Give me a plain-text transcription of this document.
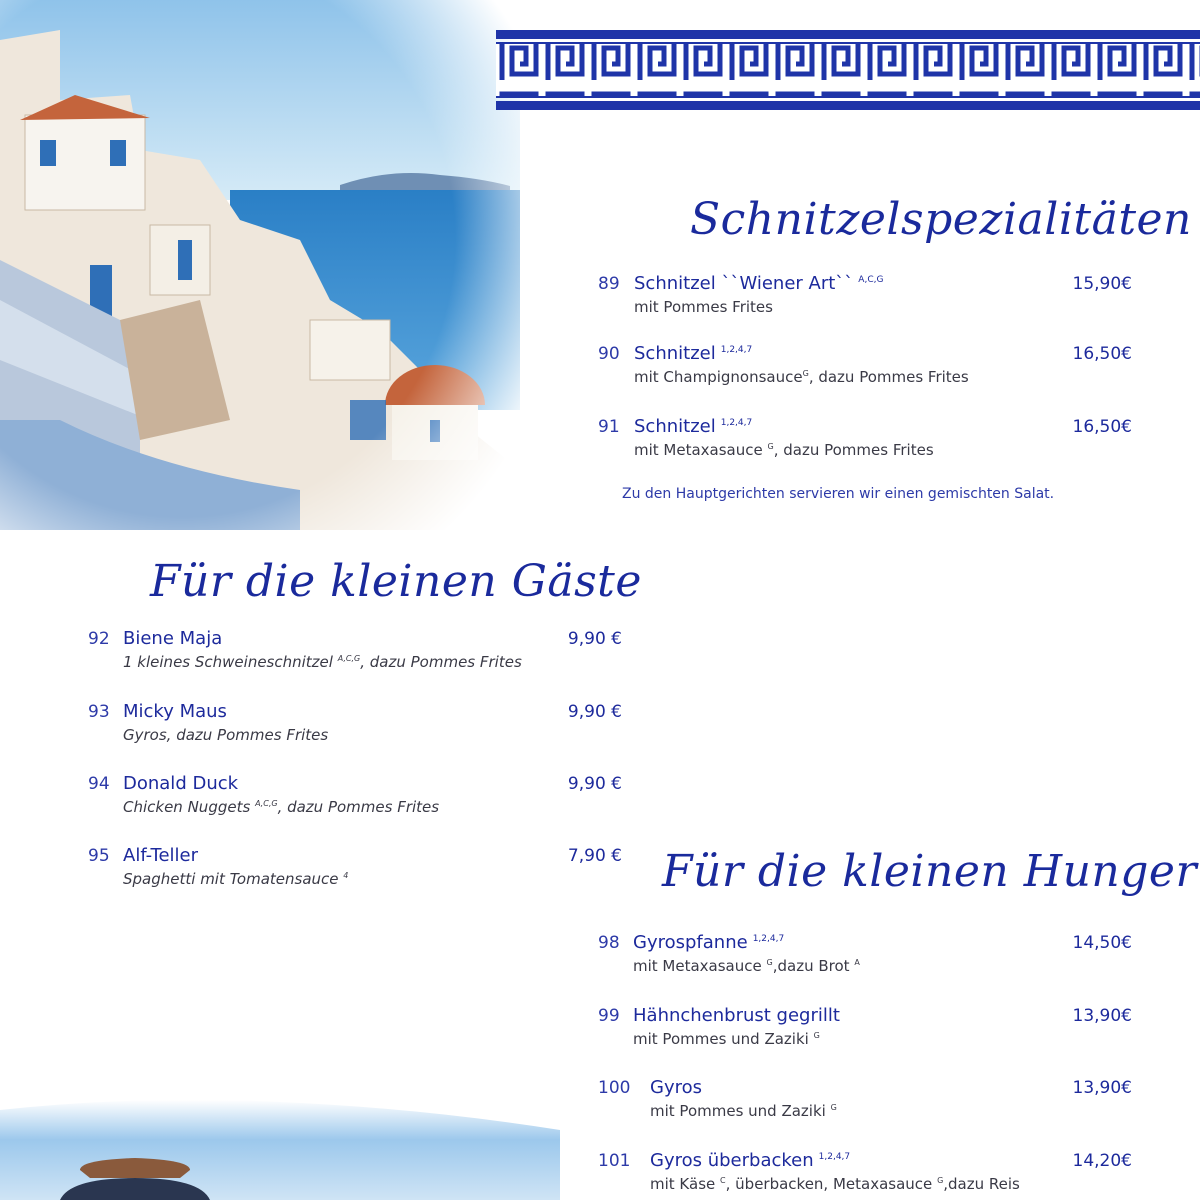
Schnitzelspezialitäten
89 Schnitzel ``Wiener Art`` $^{A,C,G}$
mit Pommes Frites
15,90€
90 Schnitzel $^{1,2,4,7}$
mit Champignonsauce$^G$, dazu Pommes Frites
16,50€
91 Schnitzel $^{1,2,4,7}$
mit Metaxasauce $^G$, dazu Pommes Frites
16,50€
Zu den Hauptgerichten servieren wir einen gemischten Salat.
Für die kleinen Gäste
92 Biene Maja
1 kleines Schweineschnitzel $^{A,C,G}$, dazu Pommes Frites
9,90 €
93 Micky Maus
Gyros, dazu Pommes Frites
9,90 €
94 Donald Duck
Chicken Nuggets $^{A,C,G}$, dazu Pommes Frites
9,90 €
95 Alf-Teller
Spaghetti mit Tomatensauce $^4$
7,90 € Für die kleinen Hunger
98 Gyrospfanne $^{1,2,4,7}$
mit Metaxasauce $^G$,dazu Brot $^A$
14,50€
99 Hähnchenbrust gegrillt
mit Pommes und Zaziki $^G$
13,90€
100 Gyros
mit Pommes und Zaziki $^G$
13,90€
101 Gyros überbacken $^{1,2,4,7}$
mit Käse $^C$, überbacken, Metaxasauce $^G$,dazu Reis
14,20€
